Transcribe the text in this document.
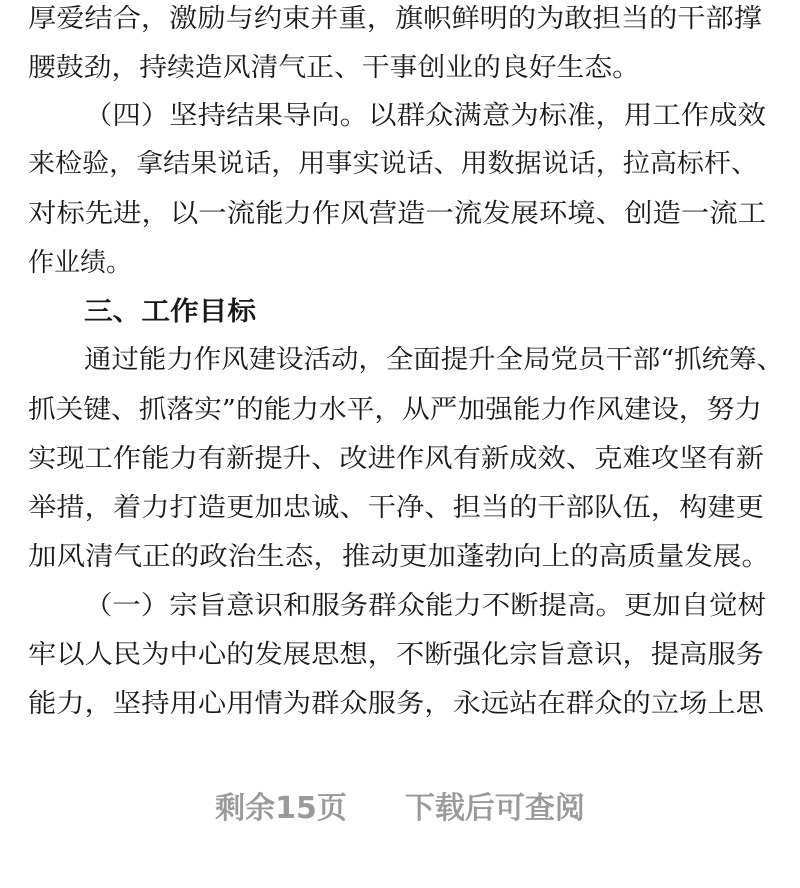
厚爱结合，激励与约束并重，旗帜鲜明的为敢担当的干部撑
腰鼓劲，持续造风清气正、干事创业的良好生态。
（四）坚持结果导向。以群众满意为标准，用工作成效
来检验，拿结果说话，用事实说话、用数据说话，拉高标杆、
对标先进，以一流能力作风营造一流发展环境、创造一流工
作业绩。
三、工作目标
通过能力作风建设活动，全面提升全局党员干部“抓统筹、
抓关键、抓落实”的能力水平，从严加强能力作风建设，努力
实现工作能力有新提升、改进作风有新成效、克难攻坚有新
举措，着力打造更加忠诚、干净、担当的干部队伍，构建更
加风清气正的政治生态，推动更加蓬勃向上的高质量发展。
（一）宗旨意识和服务群众能力不断提高。更加自觉树
牢以人民为中心的发展思想，不断强化宗旨意识，提高服务
能力，坚持用心用情为群众服务，永远站在群众的立场上思
剩余15页 下载后可查阅
